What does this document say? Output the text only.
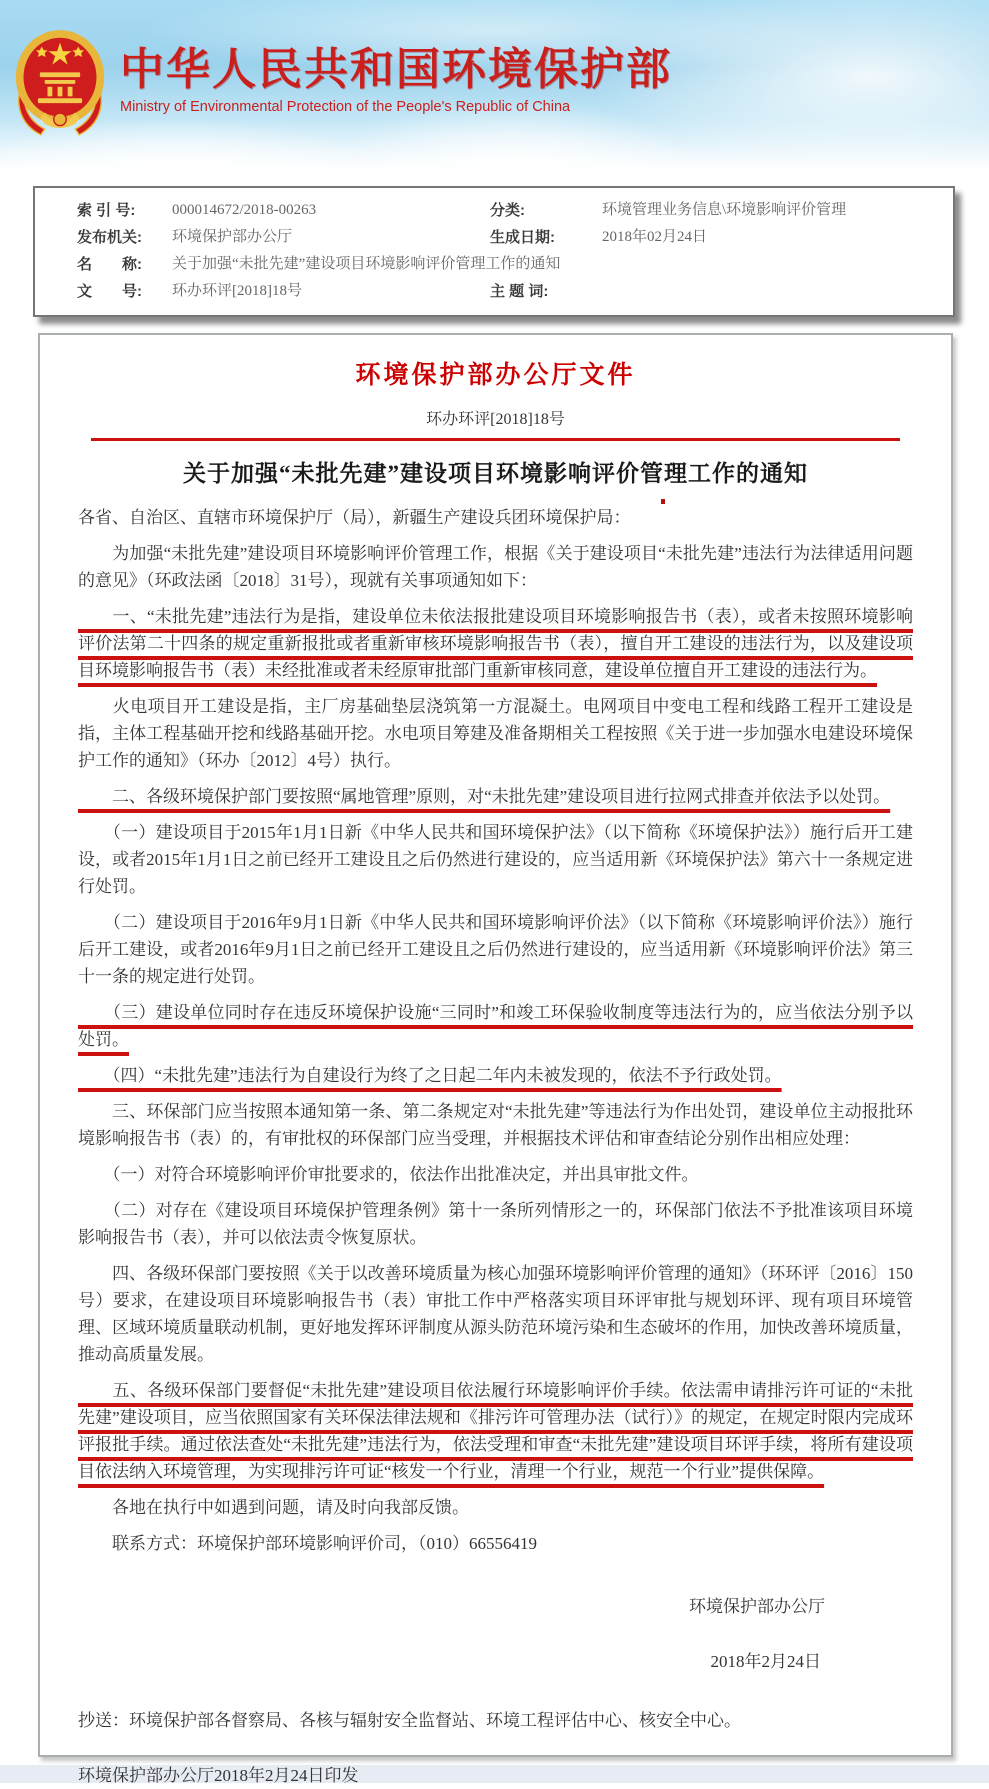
中华人民共和国环境保护部
Ministry of Environmental Protection of the People's Republic of China
索 引 号:	000014672/2018-00263	分类:	环境管理业务信息\环境影响评价管理
发布机关:	环境保护部办公厅	生成日期:	2018年02月24日
名　　称:	关于加强“未批先建”建设项目环境影响评价管理工作的通知		
文　　号:	环办环评[2018]18号	主 题 词:	
环境保护部办公厅文件
环办环评[2018]18号
关于加强“未批先建”建设项目环境影响评价管理工作的通知

各省、自治区、直辖市环境保护厅（局），新疆生产建设兵团环境保护局：

　　为加强“未批先建”建设项目环境影响评价管理工作，根据《关于建设项目“未批先建”违法行为法律适用问题的意见》（环政法函〔2018〕31号），现就有关事项通知如下：

　　一、“未批先建”违法行为是指，建设单位未依法报批建设项目环境影响报告书（表），或者未按照环境影响评价法第二十四条的规定重新报批或者重新审核环境影响报告书（表），擅自开工建设的违法行为，以及建设项目环境影响报告书（表）未经批准或者未经原审批部门重新审核同意，建设单位擅自开工建设的违法行为。

　　火电项目开工建设是指，主厂房基础垫层浇筑第一方混凝土。电网项目中变电工程和线路工程开工建设是指，主体工程基础开挖和线路基础开挖。水电项目筹建及准备期相关工程按照《关于进一步加强水电建设环境保护工作的通知》（环办〔2012〕4号）执行。

　　二、各级环境保护部门要按照“属地管理”原则，对“未批先建”建设项目进行拉网式排查并依法予以处罚。

　　（一）建设项目于2015年1月1日新《中华人民共和国环境保护法》（以下简称《环境保护法》）施行后开工建设，或者2015年1月1日之前已经开工建设且之后仍然进行建设的，应当适用新《环境保护法》第六十一条规定进行处罚。

　　（二）建设项目于2016年9月1日新《中华人民共和国环境影响评价法》（以下简称《环境影响评价法》）施行后开工建设，或者2016年9月1日之前已经开工建设且之后仍然进行建设的，应当适用新《环境影响评价法》第三十一条的规定进行处罚。

　　（三）建设单位同时存在违反环境保护设施“三同时”和竣工环保验收制度等违法行为的，应当依法分别予以处罚。

　　（四）“未批先建”违法行为自建设行为终了之日起二年内未被发现的，依法不予行政处罚。

　　三、环保部门应当按照本通知第一条、第二条规定对“未批先建”等违法行为作出处罚，建设单位主动报批环境影响报告书（表）的，有审批权的环保部门应当受理，并根据技术评估和审查结论分别作出相应处理：

　　（一）对符合环境影响评价审批要求的，依法作出批准决定，并出具审批文件。

　　（二）对存在《建设项目环境保护管理条例》第十一条所列情形之一的，环保部门依法不予批准该项目环境影响报告书（表），并可以依法责令恢复原状。

　　四、各级环保部门要按照《关于以改善环境质量为核心加强环境影响评价管理的通知》（环环评〔2016〕150号）要求，在建设项目环境影响报告书（表）审批工作中严格落实项目环评审批与规划环评、现有项目环境管理、区域环境质量联动机制，更好地发挥环评制度从源头防范环境污染和生态破坏的作用，加快改善环境质量，推动高质量发展。

　　五、各级环保部门要督促“未批先建”建设项目依法履行环境影响评价手续。依法需申请排污许可证的“未批先建”建设项目，应当依照国家有关环保法律法规和《排污许可管理办法（试行）》的规定，在规定时限内完成环评报批手续。通过依法查处“未批先建”违法行为，依法受理和审查“未批先建”建设项目环评手续，将所有建设项目依法纳入环境管理，为实现排污许可证“核发一个行业，清理一个行业，规范一个行业”提供保障。

　　各地在执行中如遇到问题，请及时向我部反馈。

　　联系方式：环境保护部环境影响评价司，（010）66556419

环境保护部办公厅
2018年2月24日

抄送：环境保护部各督察局、各核与辐射安全监督站、环境工程评估中心、核安全中心。

环境保护部办公厅2018年2月24日印发
